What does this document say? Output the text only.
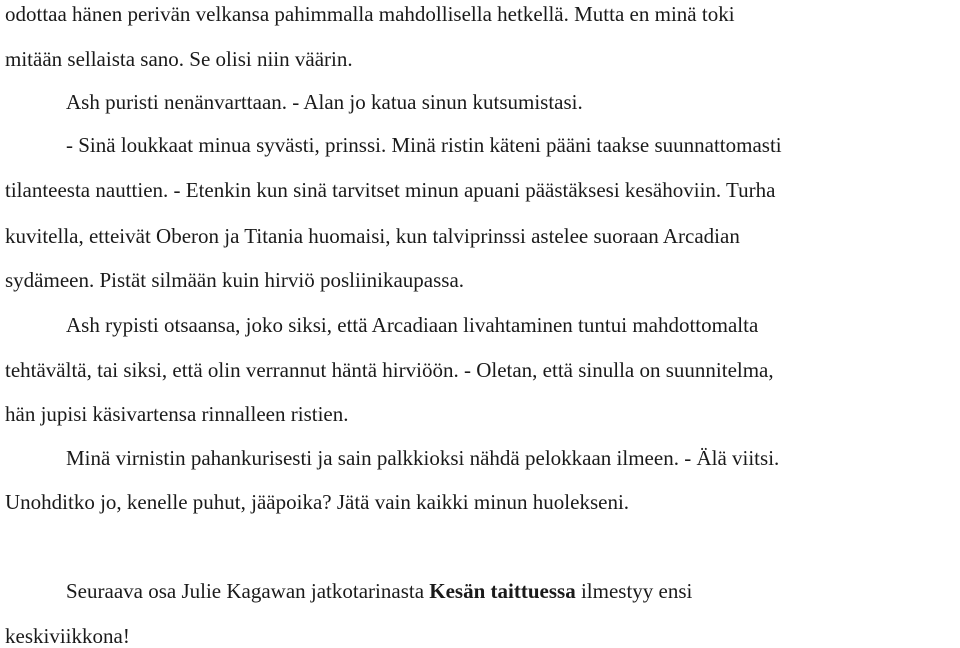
odottaa hänen perivän velkansa pahimmalla mahdollisella hetkellä. Mutta en minä toki
mitään sellaista sano. Se olisi niin väärin.
Ash puristi nenänvarttaan. - Alan jo katua sinun kutsumistasi.
- Sinä loukkaat minua syvästi, prinssi. Minä ristin käteni pääni taakse suunnattomasti
tilanteesta nauttien. - Etenkin kun sinä tarvitset minun apuani päästäksesi kesähoviin. Turha
kuvitella, etteivät Oberon ja Titania huomaisi, kun talviprinssi astelee suoraan Arcadian
sydämeen. Pistät silmään kuin hirviö posliinikaupassa.
Ash rypisti otsaansa, joko siksi, että Arcadiaan livahtaminen tuntui mahdottomalta
tehtävältä, tai siksi, että olin verrannut häntä hirviöön. - Oletan, että sinulla on suunnitelma,
hän jupisi käsivartensa rinnalleen ristien.
Minä virnistin pahankurisesti ja sain palkkioksi nähdä pelokkaan ilmeen. - Älä viitsi.
Unohditko jo, kenelle puhut, jääpoika? Jätä vain kaikki minun huolekseni.
Seuraava osa Julie Kagawan jatkotarinasta Kesän taittuessa ilmestyy ensi
keskiviikkona!
